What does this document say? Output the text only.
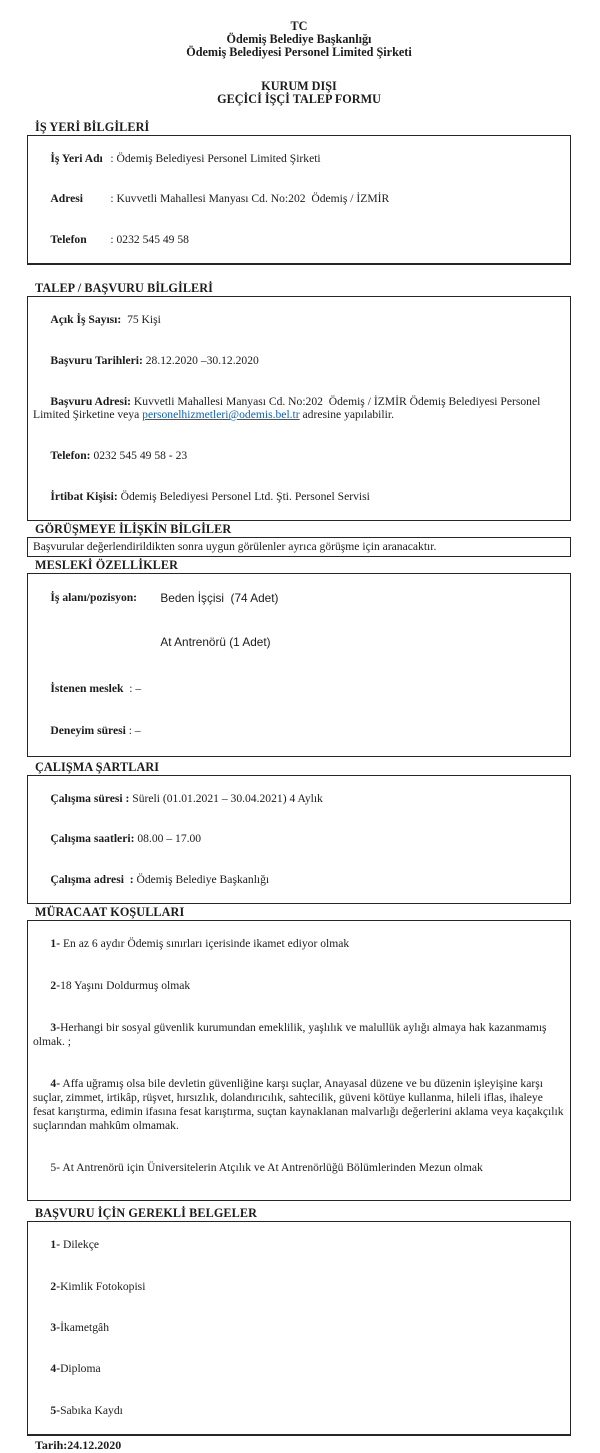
TC
Ödemiş Belediye Başkanlığı
Ödemiş Belediyesi Personel Limited Şirketi
KURUM DIŞI
GEÇİCİ İŞÇİ TALEP FORMU
İŞ YERİ BİLGİLERİ

İş Yeri Adı : Ödemiş Belediyesi Personel Limited Şirketi

Adresi : Kuvvetli Mahallesi Manyası Cd. No:202  Ödemiş / İZMİR

Telefon : 0232 545 49 58

TALEP / BAŞVURU BİLGİLERİ

Açık İş Sayısı:  75 Kişi

Başvuru Tarihleri: 28.12.2020 –30.12.2020

Başvuru Adresi: Kuvvetli Mahallesi Manyası Cd. No:202  Ödemiş / İZMİR Ödemiş Belediyesi Personel Limited Şirketine veya personelhizmetleri@odemis.bel.tr adresine yapılabilir.

Telefon: 0232 545 49 58 - 23

İrtibat Kişisi: Ödemiş Belediyesi Personel Ltd. Şti. Personel Servisi

GÖRÜŞMEYE İLİŞKİN BİLGİLER
Başvurular değerlendirildikten sonra uygun görülenler ayrıca görüşme için aranacaktır.
MESLEKİ ÖZELLİKLER

İş alanı/pozisyon: Beden İşçisi  (74 Adet)

At Antrenörü (1 Adet)

İstenen meslek  : –

Deneyim süresi : –

ÇALIŞMA ŞARTLARI

Çalışma süresi : Süreli (01.01.2021 – 30.04.2021) 4 Aylık

Çalışma saatleri: 08.00 – 17.00

Çalışma adresi  : Ödemiş Belediye Başkanlığı

MÜRACAAT KOŞULLARI

1- En az 6 aydır Ödemiş sınırları içerisinde ikamet ediyor olmak

2-18 Yaşını Doldurmuş olmak

3-Herhangi bir sosyal güvenlik kurumundan emeklilik, yaşlılık ve malullük aylığı almaya hak kazanmamış olmak. ;

4- Affa uğramış olsa bile devletin güvenliğine karşı suçlar, Anayasal düzene ve bu düzenin işleyişine karşı suçlar, zimmet, irtikâp, rüşvet, hırsızlık, dolandırıcılık, sahtecilik, güveni kötüye kullanma, hileli iflas, ihaleye fesat karıştırma, edimin ifasına fesat karıştırma, suçtan kaynaklanan malvarlığı değerlerini aklama veya kaçakçılık suçlarından mahkûm olmamak.

5- At Antrenörü için Üniversitelerin Atçılık ve At Antrenörlüğü Bölümlerinden Mezun olmak

BAŞVURU İÇİN GEREKLİ BELGELER

1- Dilekçe

2-Kimlik Fotokopisi

3-İkametgâh

4-Diploma

5-Sabıka Kaydı

Tarih:24.12.2020
